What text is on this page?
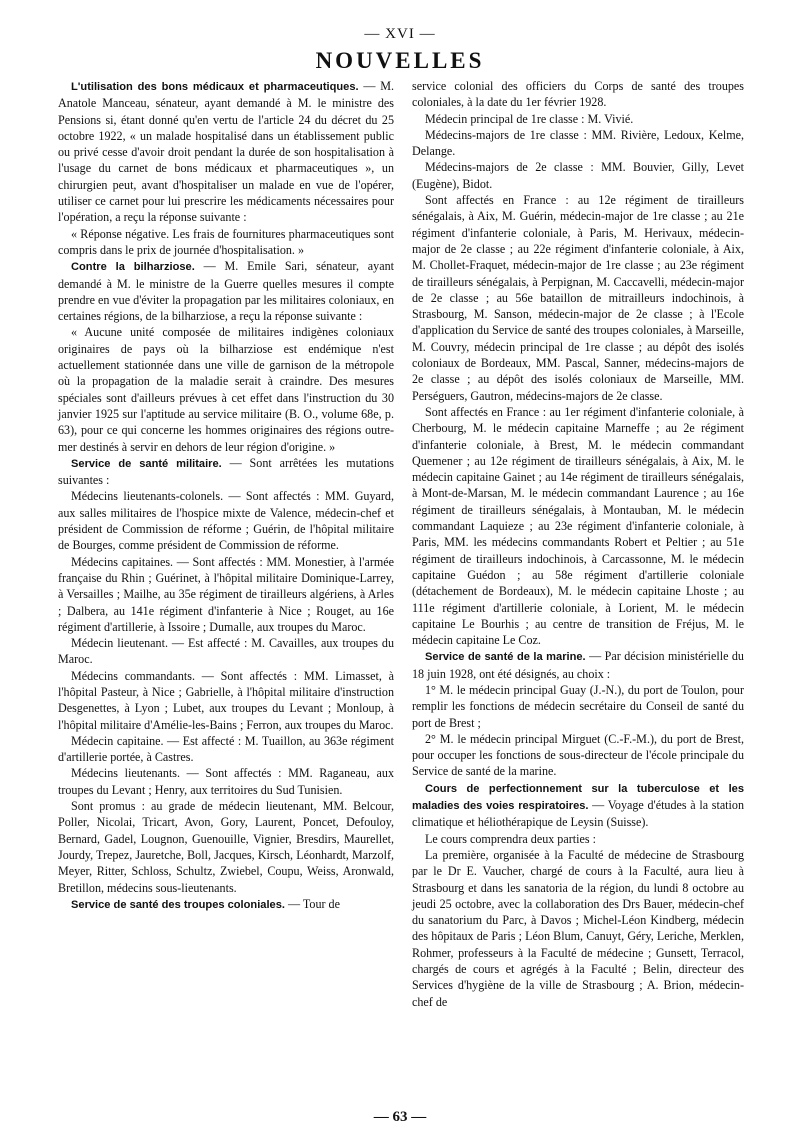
— XVI —
NOUVELLES

L'utilisation des bons médicaux et pharmaceutiques. — M. Anatole Manceau, sénateur, ayant demandé à M. le ministre des Pensions si, étant donné qu'en vertu de l'article 24 du décret du 25 octobre 1922, « un malade hospitalisé dans un établissement public ou privé cesse d'avoir droit pendant la durée de son hospitalisation à l'usage du carnet de bons médicaux et pharmaceutiques », un chirurgien peut, avant d'hospitaliser un malade en vue de l'opérer, utiliser ce carnet pour lui prescrire les médicaments nécessaires pour l'opération, a reçu la réponse suivante :

« Réponse négative. Les frais de fournitures pharmaceutiques sont compris dans le prix de journée d'hospitalisation. »

Contre la bilharziose. — M. Emile Sari, sénateur, ayant demandé à M. le ministre de la Guerre quelles mesures il compte prendre en vue d'éviter la propagation par les militaires coloniaux, en certaines régions, de la bilharziose, a reçu la réponse suivante :

« Aucune unité composée de militaires indigènes coloniaux originaires de pays où la bilharziose est endémique n'est actuellement stationnée dans une ville de garnison de la métropole où la propagation de la maladie serait à craindre. Des mesures spéciales sont d'ailleurs prévues à cet effet dans l'instruction du 30 janvier 1925 sur l'aptitude au service militaire (B. O., volume 68e, p. 63), pour ce qui concerne les hommes originaires des régions outre-mer destinés à servir en dehors de leur région d'origine. »

Service de santé militaire. — Sont arrêtées les mutations suivantes :

Médecins lieutenants-colonels. — Sont affectés : MM. Guyard, aux salles militaires de l'hospice mixte de Valence, médecin-chef et président de Commission de réforme ; Guérin, de l'hôpital militaire de Bourges, comme président de Commission de réforme.

Médecins capitaines. — Sont affectés : MM. Monestier, à l'armée française du Rhin ; Guérinet, à l'hôpital militaire Dominique-Larrey, à Versailles ; Mailhe, au 35e régiment de tirailleurs algériens, à Arles ; Dalbera, au 141e régiment d'infanterie à Nice ; Rouget, au 16e régiment d'artillerie, à Issoire ; Dumalle, aux troupes du Maroc.

Médecin lieutenant. — Est affecté : M. Cavailles, aux troupes du Maroc.

Médecins commandants. — Sont affectés : MM. Limasset, à l'hôpital Pasteur, à Nice ; Gabrielle, à l'hôpital militaire d'instruction Desgenettes, à Lyon ; Lubet, aux troupes du Levant ; Monloup, à l'hôpital militaire d'Amélie-les-Bains ; Ferron, aux troupes du Maroc.

Médecin capitaine. — Est affecté : M. Tuaillon, au 363e régiment d'artillerie portée, à Castres.

Médecins lieutenants. — Sont affectés : MM. Raganeau, aux troupes du Levant ; Henry, aux territoires du Sud Tunisien.

Sont promus : au grade de médecin lieutenant, MM. Belcour, Poller, Nicolai, Tricart, Avon, Gory, Laurent, Poncet, Defouloy, Bernard, Gadel, Lougnon, Guenouille, Vignier, Bresdirs, Maurellet, Jourdy, Trepez, Jauretche, Boll, Jacques, Kirsch, Léonhardt, Marzolf, Meyer, Ritter, Schloss, Schultz, Zwiebel, Coupu, Weiss, Aronwald, Bretillon, médecins sous-lieutenants.

Service de santé des troupes coloniales. — Tour de

service colonial des officiers du Corps de santé des troupes coloniales, à la date du 1er février 1928.

Médecin principal de 1re classe : M. Vivié.

Médecins-majors de 1re classe : MM. Rivière, Ledoux, Kelme, Delange.

Médecins-majors de 2e classe : MM. Bouvier, Gilly, Levet (Eugène), Bidot.

Sont affectés en France : au 12e régiment de tirailleurs sénégalais, à Aix, M. Guérin, médecin-major de 1re classe ; au 21e régiment d'infanterie coloniale, à Paris, M. Herivaux, médecin-major de 2e classe ; au 22e régiment d'infanterie coloniale, à Aix, M. Chollet-Fraquet, médecin-major de 1re classe ; au 23e régiment de tirailleurs sénégalais, à Perpignan, M. Caccavelli, médecin-major de 2e classe ; au 56e bataillon de mitrailleurs indochinois, à Strasbourg, M. Sanson, médecin-major de 2e classe ; à l'Ecole d'application du Service de santé des troupes coloniales, à Marseille, M. Couvry, médecin principal de 1re classe ; au dépôt des isolés coloniaux de Bordeaux, MM. Pascal, Sanner, médecins-majors de 2e classe ; au dépôt des isolés coloniaux de Marseille, MM. Perséguers, Gautron, médecins-majors de 2e classe.

Sont affectés en France : au 1er régiment d'infanterie coloniale, à Cherbourg, M. le médecin capitaine Marneffe ; au 2e régiment d'infanterie coloniale, à Brest, M. le médecin commandant Quemener ; au 12e régiment de tirailleurs sénégalais, à Aix, M. le médecin capitaine Gainet ; au 14e régiment de tirailleurs sénégalais, à Mont-de-Marsan, M. le médecin commandant Laurence ; au 16e régiment de tirailleurs sénégalais, à Montauban, M. le médecin commandant Laquieze ; au 23e régiment d'infanterie coloniale, à Paris, MM. les médecins commandants Robert et Peltier ; au 51e régiment de tirailleurs indochinois, à Carcassonne, M. le médecin capitaine Guédon ; au 58e régiment d'artillerie coloniale (détachement de Bordeaux), M. le médecin capitaine Lhoste ; au 111e régiment d'artillerie coloniale, à Lorient, M. le médecin capitaine Le Bourhis ; au centre de transition de Fréjus, M. le médecin capitaine Le Coz.

Service de santé de la marine. — Par décision ministérielle du 18 juin 1928, ont été désignés, au choix :

1° M. le médecin principal Guay (J.-N.), du port de Toulon, pour remplir les fonctions de médecin secrétaire du Conseil de santé du port de Brest ;

2° M. le médecin principal Mirguet (C.-F.-M.), du port de Brest, pour occuper les fonctions de sous-directeur de l'école principale du Service de santé de la marine.

Cours de perfectionnement sur la tuberculose et les maladies des voies respiratoires. — Voyage d'études à la station climatique et héliothérapique de Leysin (Suisse).

Le cours comprendra deux parties :

La première, organisée à la Faculté de médecine de Strasbourg par le Dr E. Vaucher, chargé de cours à la Faculté, aura lieu à Strasbourg et dans les sanatoria de la région, du lundi 8 octobre au jeudi 25 octobre, avec la collaboration des Drs Bauer, médecin-chef du sanatorium du Parc, à Davos ; Michel-Léon Kindberg, médecin des hôpitaux de Paris ; Léon Blum, Canuyt, Géry, Leriche, Merklen, Rohmer, professeurs à la Faculté de médecine ; Gunsett, Terracol, chargés de cours et agrégés à la Faculté ; Belin, directeur des Services d'hygiène de la ville de Strasbourg ; A. Brion, médecin-chef de

— 63 —
